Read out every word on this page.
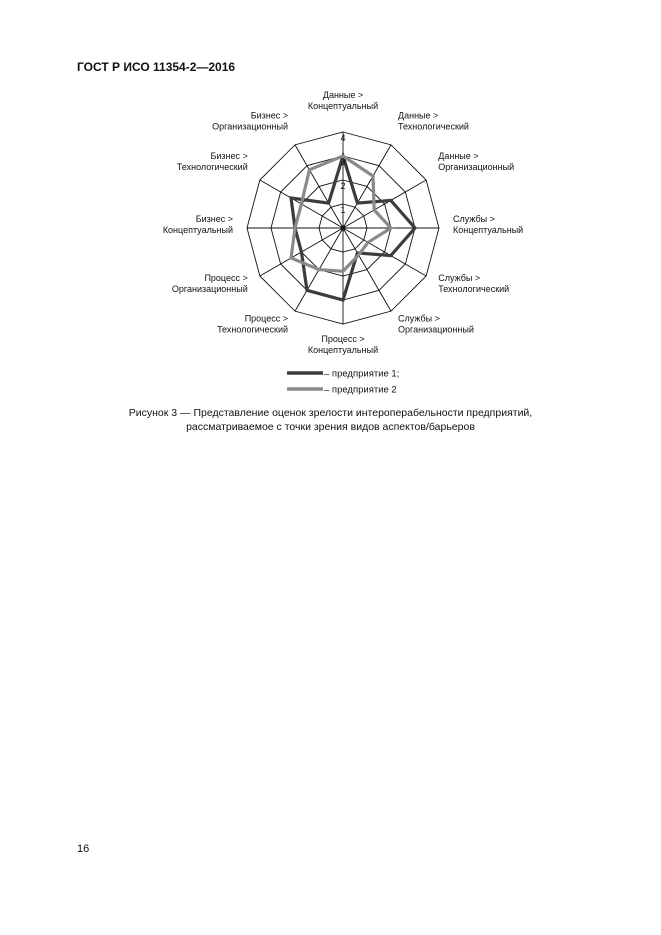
ГОСТ Р ИСО 11354-2—2016
0
1
2
3
4
Данные > Концептуальный
Данные > Технологический
Данные > Организационный
Службы > Концептуальный
Службы > Технологический
Службы > Организационный
Процесс > Концептуальный
Процесс > Технологический
Процесс > Организационный
Бизнес > Концептуальный
Бизнес > Технологический
Бизнес > Организационный
– предприятие 1;
– предприятие 2
Рисунок 3 — Представление оценок зрелости интероперабельности предприятий,
рассматриваемое с точки зрения видов аспектов/барьеров
16
